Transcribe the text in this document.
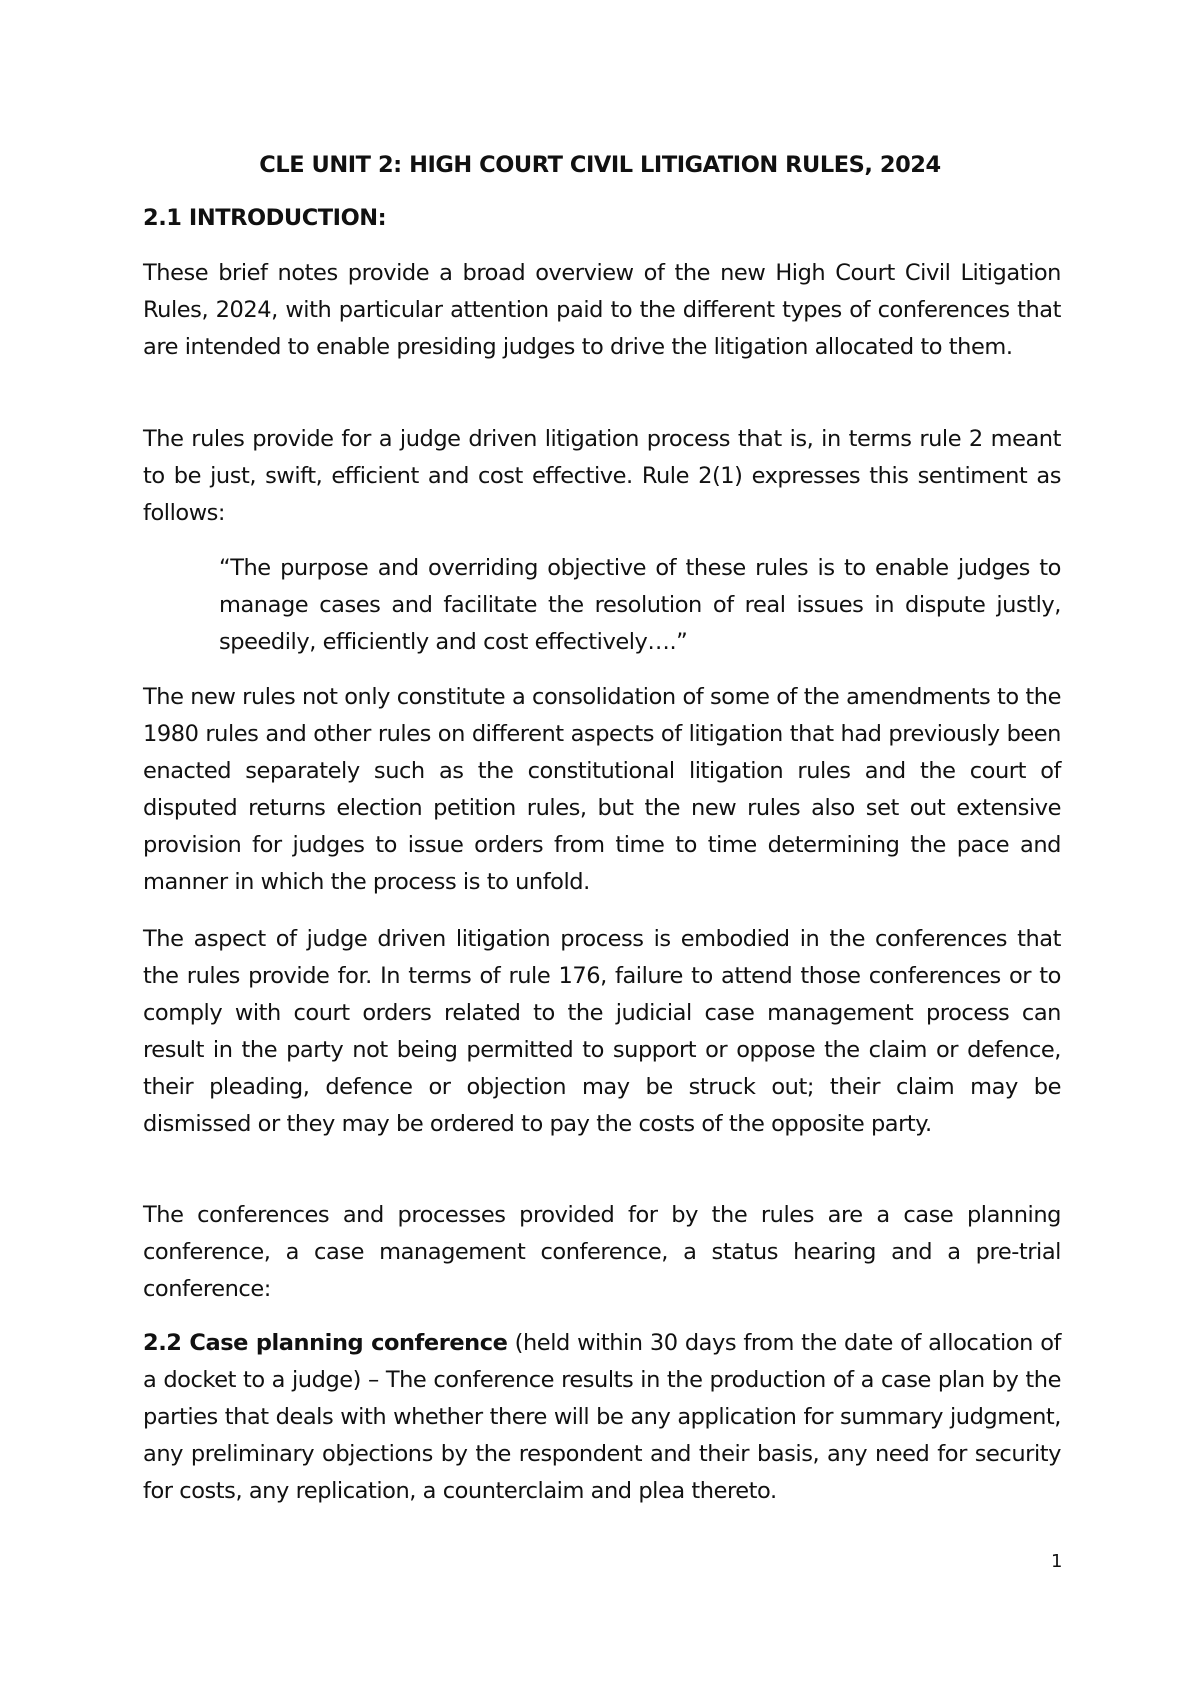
CLE UNIT 2: HIGH COURT CIVIL LITIGATION RULES, 2024

2.1 INTRODUCTION:

These brief notes provide a broad overview of the new High Court Civil Litigation Rules, 2024, with particular attention paid to the different types of conferences that are intended to enable presiding judges to drive the litigation allocated to them.

The rules provide for a judge driven litigation process that is, in terms rule 2 meant to be just, swift, efficient and cost effective. Rule 2(1) expresses this sentiment as follows:

“The purpose and overriding objective of these rules is to enable judges to manage cases and facilitate the resolution of real issues in dispute justly, speedily, efficiently and cost effectively….”

The new rules not only constitute a consolidation of some of the amendments to the 1980 rules and other rules on different aspects of litigation that had previously been enacted separately such as the constitutional litigation rules and the court of disputed returns election petition rules, but the new rules also set out extensive provision for judges to issue orders from time to time determining the pace and manner in which the process is to unfold.

The aspect of judge driven litigation process is embodied in the conferences that the rules provide for. In terms of rule 176, failure to attend those conferences or to comply with court orders related to the judicial case management process can result in the party not being permitted to support or oppose the claim or defence, their pleading, defence or objection may be struck out; their claim may be dismissed or they may be ordered to pay the costs of the opposite party.

The conferences and processes provided for by the rules are a case planning conference, a case management conference, a status hearing and a pre-trial conference:

2.2 Case planning conference (held within 30 days from the date of allocation of a docket to a judge) – The conference results in the production of a case plan by the parties that deals with whether there will be any application for summary judgment, any preliminary objections by the respondent and their basis, any need for security for costs, any replication, a counterclaim and plea thereto.

1
